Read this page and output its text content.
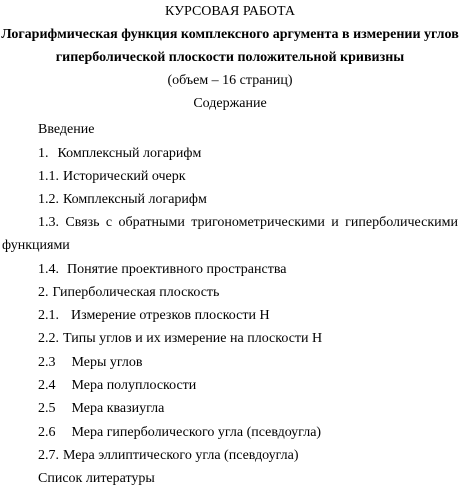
КУРСОВАЯ РАБОТА
Логарифмическая функция комплексного аргумента в измерении углов
гиперболической плоскости положительной кривизны
(объем – 16 страниц)
Содержание
Введение
1. Комплексный логарифм
1.1. Исторический очерк
1.2. Комплексный логарифм
1.3. Связь с обратными тригонометрическими и гиперболическими
функциями
1.4. Понятие проективного пространства
2. Гиперболическая плоскость
2.1. Измерение отрезков плоскости H
2.2. Типы углов и их измерение на плоскости H
2.3 Меры углов
2.4 Мера полуплоскости
2.5 Мера квазиугла
2.6 Мера гиперболического угла (псевдоугла)
2.7. Мера эллиптического угла (псевдоугла)
Список литературы
